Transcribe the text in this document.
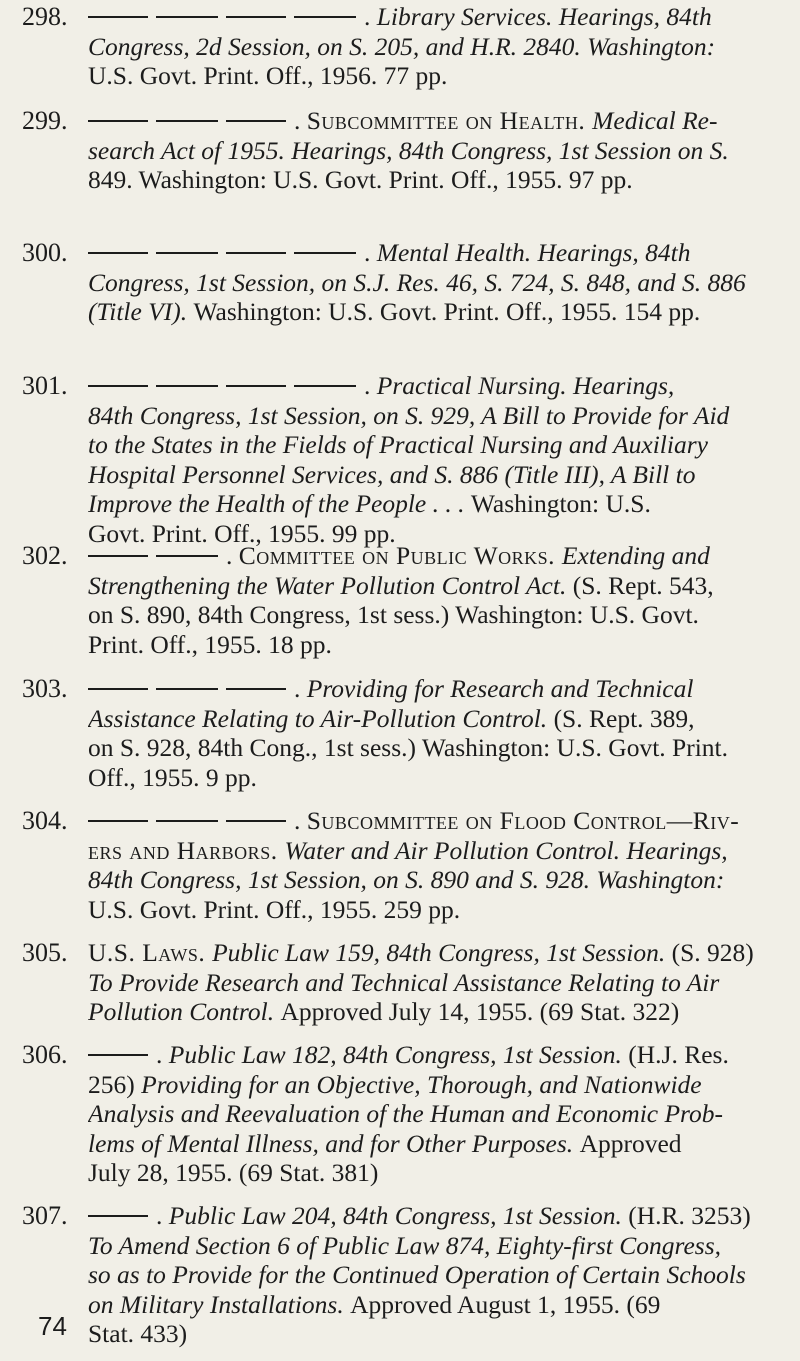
74
298.	. Library Services. Hearings, 84th
Congress, 2d Session, on S. 205, and H.R. 2840. Washington:
U.S. Govt. Print. Off., 1956. 77 pp.
299.	. Subcommittee on Health. Medical Re-
search Act of 1955. Hearings, 84th Congress, 1st Session on S.
849. Washington: U.S. Govt. Print. Off., 1955. 97 pp.
300.	. Mental Health. Hearings, 84th
Congress, 1st Session, on S.J. Res. 46, S. 724, S. 848, and S. 886
(Title VI). Washington: U.S. Govt. Print. Off., 1955. 154 pp.
301.	. Practical Nursing. Hearings,
84th Congress, 1st Session, on S. 929, A Bill to Provide for Aid
to the States in the Fields of Practical Nursing and Auxiliary
Hospital Personnel Services, and S. 886 (Title III), A Bill to
Improve the Health of the People . . . Washington: U.S.
Govt. Print. Off., 1955. 99 pp.
302.	. Committee on Public Works. Extending and
Strengthening the Water Pollution Control Act. (S. Rept. 543,
on S. 890, 84th Congress, 1st sess.) Washington: U.S. Govt.
Print. Off., 1955. 18 pp.
303.	. Providing for Research and Technical
Assistance Relating to Air-Pollution Control. (S. Rept. 389,
on S. 928, 84th Cong., 1st sess.) Washington: U.S. Govt. Print.
Off., 1955. 9 pp.
304.	. Subcommittee on Flood Control—Riv-
ers and Harbors. Water and Air Pollution Control. Hearings,
84th Congress, 1st Session, on S. 890 and S. 928. Washington:
U.S. Govt. Print. Off., 1955. 259 pp.
305. U.S. Laws. Public Law 159, 84th Congress, 1st Session. (S. 928)
To Provide Research and Technical Assistance Relating to Air
Pollution Control. Approved July 14, 1955. (69 Stat. 322)
306.	. Public Law 182, 84th Congress, 1st Session. (H.J. Res.
256) Providing for an Objective, Thorough, and Nationwide
Analysis and Reevaluation of the Human and Economic Prob-
lems of Mental Illness, and for Other Purposes. Approved
July 28, 1955. (69 Stat. 381)
307.	. Public Law 204, 84th Congress, 1st Session. (H.R. 3253)
To Amend Section 6 of Public Law 874, Eighty-first Congress,
so as to Provide for the Continued Operation of Certain Schools
on Military Installations. Approved August 1, 1955. (69
Stat. 433)
